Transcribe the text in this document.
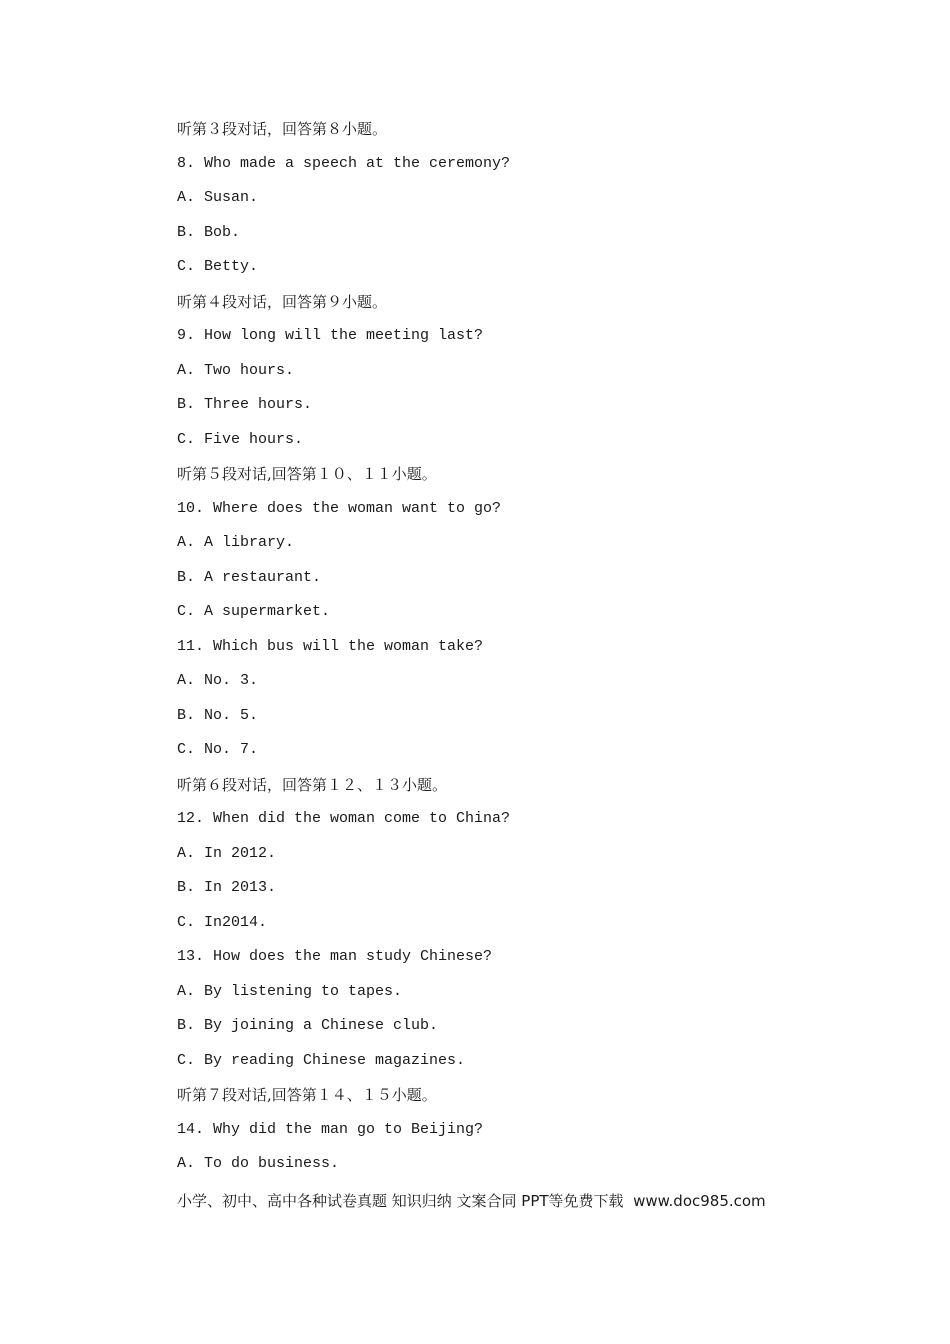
听第３段对话，回答第８小题。
8. Who made a speech at the ceremony?
A. Susan.
B. Bob.
C. Betty.
听第４段对话，回答第９小题。
9. How long will the meeting last?
A. Two hours.
B. Three hours.
C. Five hours.
听第５段对话,回答第１０、１１小题。
10. Where does the woman want to go?
A. A library.
B. A restaurant.
C. A supermarket.
11. Which bus will the woman take?
A. No. 3.
B. No. 5.
C. No. 7.
听第６段对话，回答第１２、１３小题。
12. When did the woman come to China?
A. In 2012.
B. In 2013.
C. In2014.
13. How does the man study Chinese?
A. By listening to tapes.
B. By joining a Chinese club.
C. By reading Chinese magazines.
听第７段对话,回答第１４、１５小题。
14. Why did the man go to Beijing?
A. To do business.
小学、初中、高中各种试卷真题 知识归纳 文案合同 PPT等免费下载  www.doc985.com
